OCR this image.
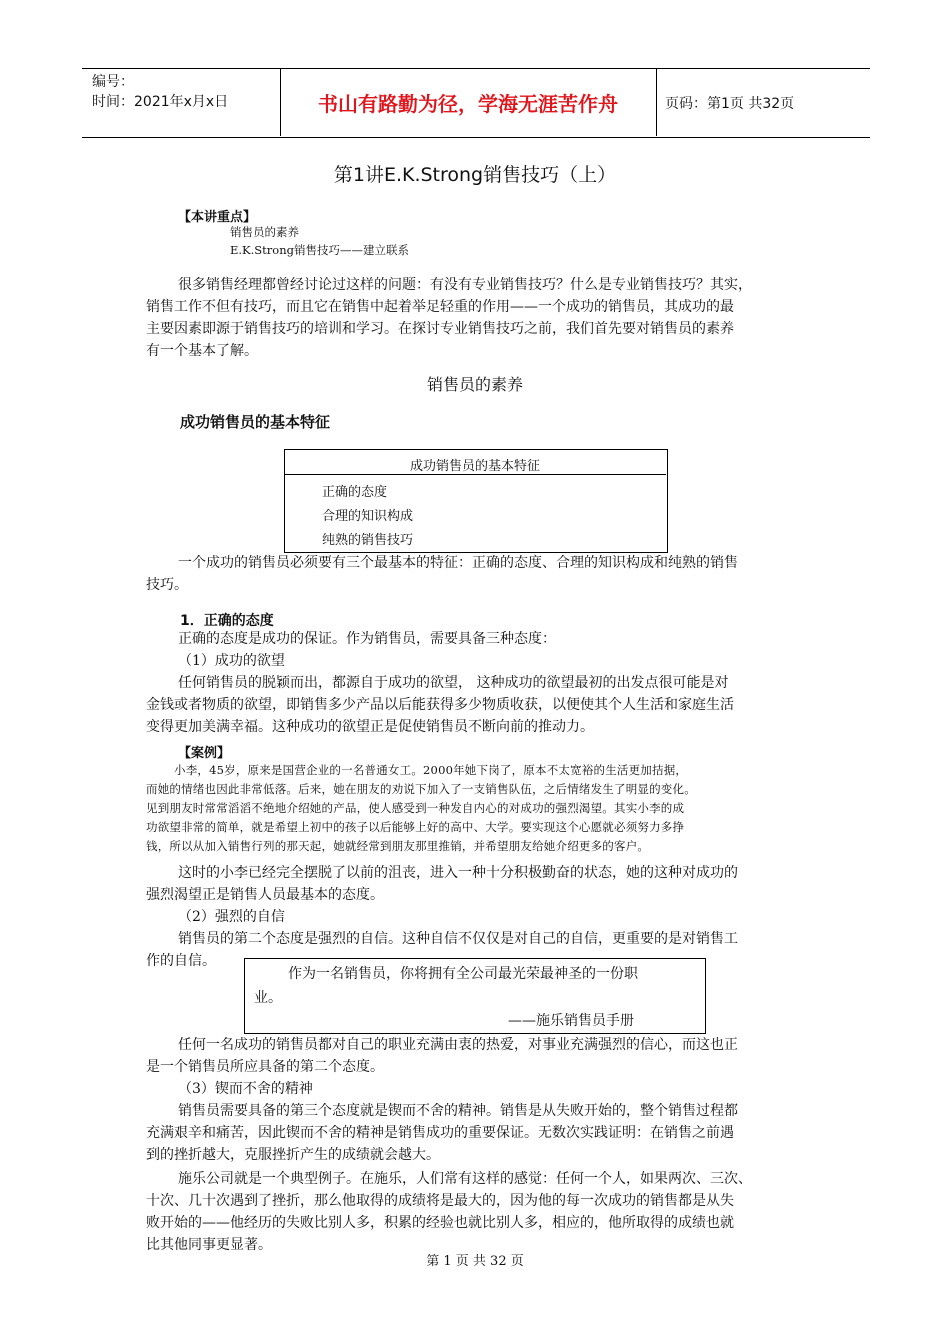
编号：
时间：2021年x月x日	书山有路勤为径，学海无涯苦作舟	页码：第1页 共32页
第1讲E.K.Strong销售技巧（上）
【本讲重点】
销售员的素养
E.K.Strong销售技巧——建立联系
很多销售经理都曾经讨论过这样的问题：有没有专业销售技巧？什么是专业销售技巧？其实，
销售工作不但有技巧，而且它在销售中起着举足轻重的作用——一个成功的销售员，其成功的最
主要因素即源于销售技巧的培训和学习。在探讨专业销售技巧之前，我们首先要对销售员的素养
有一个基本了解。
销售员的素养
成功销售员的基本特征
成功销售员的基本特征
正确的态度
合理的知识构成
纯熟的销售技巧
一个成功的销售员必须要有三个最基本的特征：正确的态度、合理的知识构成和纯熟的销售
技巧。
1．正确的态度
正确的态度是成功的保证。作为销售员，需要具备三种态度：
（1）成功的欲望
任何销售员的脱颖而出，都源自于成功的欲望， 这种成功的欲望最初的出发点很可能是对
金钱或者物质的欲望，即销售多少产品以后能获得多少物质收获，以便使其个人生活和家庭生活
变得更加美满幸福。这种成功的欲望正是促使销售员不断向前的推动力。
【案例】
小李，45岁，原来是国营企业的一名普通女工。2000年她下岗了，原本不太宽裕的生活更加拮据，
而她的情绪也因此非常低落。后来，她在朋友的劝说下加入了一支销售队伍，之后情绪发生了明显的变化。
见到朋友时常常滔滔不绝地介绍她的产品，使人感受到一种发自内心的对成功的强烈渴望。其实小李的成
功欲望非常的简单，就是希望上初中的孩子以后能够上好的高中、大学。要实现这个心愿就必须努力多挣
钱，所以从加入销售行列的那天起，她就经常到朋友那里推销，并希望朋友给她介绍更多的客户。
这时的小李已经完全摆脱了以前的沮丧，进入一种十分积极勤奋的状态，她的这种对成功的
强烈渴望正是销售人员最基本的态度。
（2）强烈的自信
销售员的第二个态度是强烈的自信。这种自信不仅仅是对自己的自信，更重要的是对销售工
作的自信。
作为一名销售员，你将拥有全公司最光荣最神圣的一份职
业。
——施乐销售员手册
任何一名成功的销售员都对自己的职业充满由衷的热爱，对事业充满强烈的信心，而这也正
是一个销售员所应具备的第二个态度。
（3）锲而不舍的精神
销售员需要具备的第三个态度就是锲而不舍的精神。销售是从失败开始的，整个销售过程都
充满艰辛和痛苦，因此锲而不舍的精神是销售成功的重要保证。无数次实践证明：在销售之前遇
到的挫折越大，克服挫折产生的成绩就会越大。
施乐公司就是一个典型例子。在施乐，人们常有这样的感觉：任何一个人，如果两次、三次、
十次、几十次遇到了挫折，那么他取得的成绩将是最大的，因为他的每一次成功的销售都是从失
败开始的——他经历的失败比别人多，积累的经验也就比别人多，相应的，他所取得的成绩也就
比其他同事更显著。
第 1 页 共 32 页
